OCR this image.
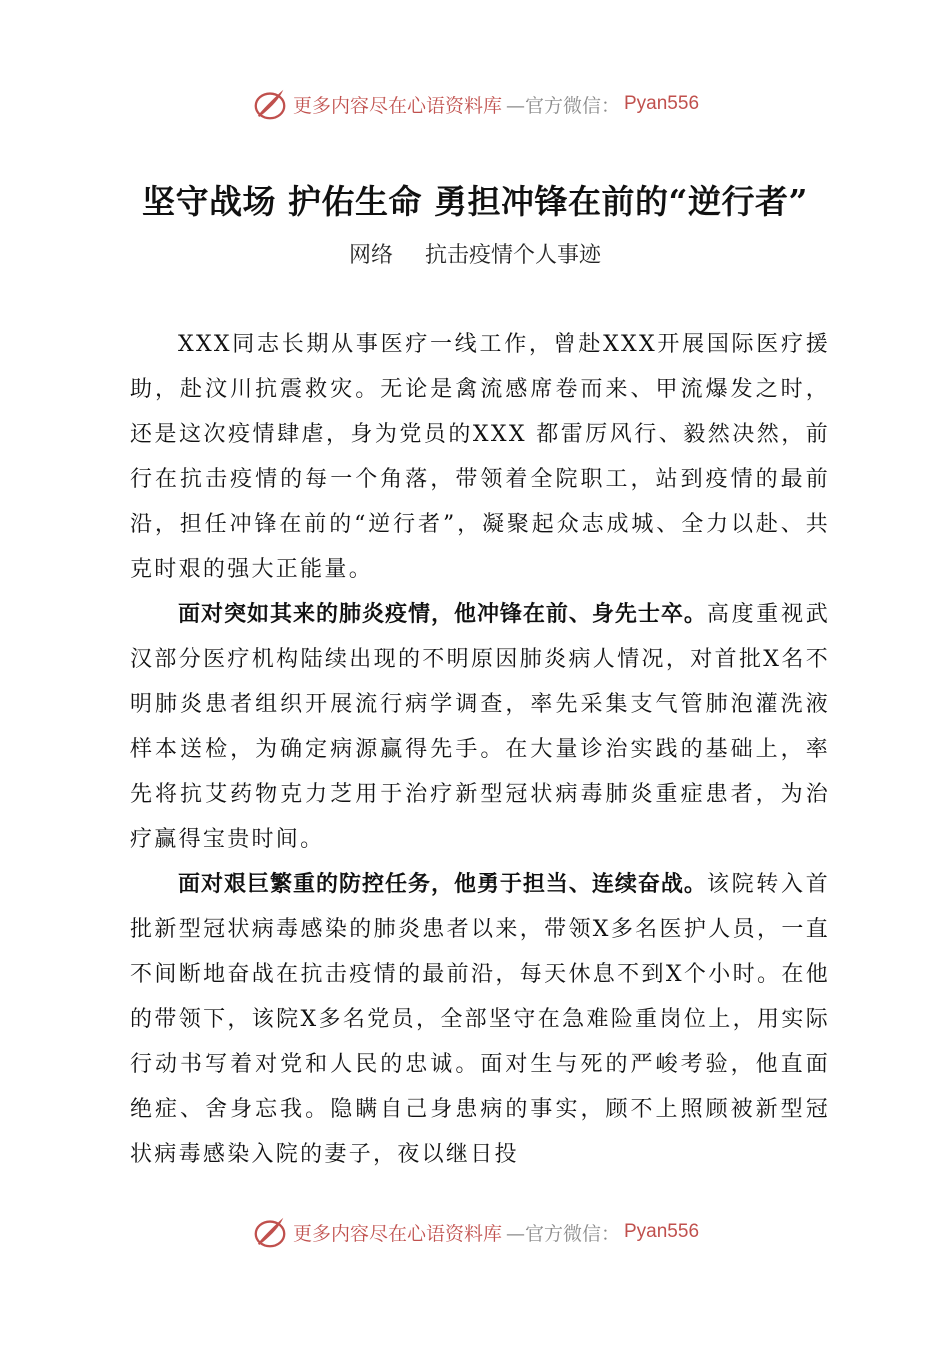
更多内容尽在心语资料库 —官方微信： Pyan556
坚守战场 护佑生命 勇担冲锋在前的“逆行者”
网络 抗击疫情个人事迹

XXX同志长期从事医疗一线工作，曾赴XXX开展国际医疗援助，赴汶川抗震救灾。无论是禽流感席卷而来、甲流爆发之时，还是这次疫情肆虐，身为党员的XXX 都雷厉风行、毅然决然，前行在抗击疫情的每一个角落，带领着全院职工，站到疫情的最前沿，担任冲锋在前的“逆行者”，凝聚起众志成城、全力以赴、共克时艰的强大正能量。

面对突如其来的肺炎疫情，他冲锋在前、身先士卒。高度重视武汉部分医疗机构陆续出现的不明原因肺炎病人情况，对首批X名不明肺炎患者组织开展流行病学调查，率先采集支气管肺泡灌洗液样本送检，为确定病源赢得先手。在大量诊治实践的基础上，率先将抗艾药物克力芝用于治疗新型冠状病毒肺炎重症患者，为治疗赢得宝贵时间。

面对艰巨繁重的防控任务，他勇于担当、连续奋战。该院转入首批新型冠状病毒感染的肺炎患者以来，带领X多名医护人员，一直不间断地奋战在抗击疫情的最前沿，每天休息不到X个小时。在他的带领下，该院X多名党员，全部坚守在急难险重岗位上，用实际行动书写着对党和人民的忠诚。面对生与死的严峻考验，他直面绝症、舍身忘我。隐瞒自己身患病的事实，顾不上照顾被新型冠状病毒感染入院的妻子，夜以继日投

更多内容尽在心语资料库 —官方微信： Pyan556
